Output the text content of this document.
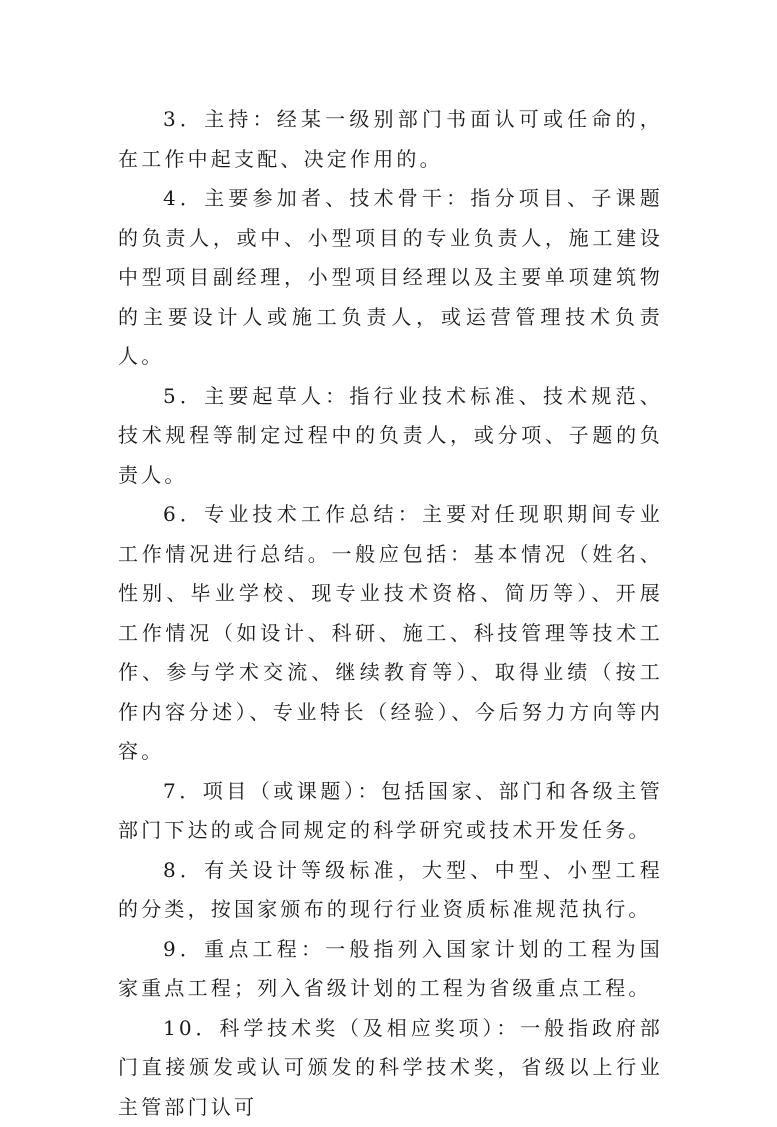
3．主持：经某一级别部门书面认可或任命的，在工作中起支配、决定作用的。

4．主要参加者、技术骨干：指分项目、子课题的负责人，或中、小型项目的专业负责人，施工建设中型项目副经理，小型项目经理以及主要单项建筑物的主要设计人或施工负责人，或运营管理技术负责人。

5．主要起草人：指行业技术标准、技术规范、技术规程等制定过程中的负责人，或分项、子题的负责人。

6．专业技术工作总结：主要对任现职期间专业工作情况进行总结。一般应包括：基本情况（姓名、性别、毕业学校、现专业技术资格、简历等）、开展工作情况（如设计、科研、施工、科技管理等技术工作、参与学术交流、继续教育等）、取得业绩（按工作内容分述）、专业特长（经验）、今后努力方向等内容。

7．项目（或课题）：包括国家、部门和各级主管部门下达的或合同规定的科学研究或技术开发任务。

8．有关设计等级标准，大型、中型、小型工程的分类，按国家颁布的现行行业资质标准规范执行。

9．重点工程：一般指列入国家计划的工程为国家重点工程；列入省级计划的工程为省级重点工程。

10．科学技术奖（及相应奖项）：一般指政府部门直接颁发或认可颁发的科学技术奖，省级以上行业主管部门认可
